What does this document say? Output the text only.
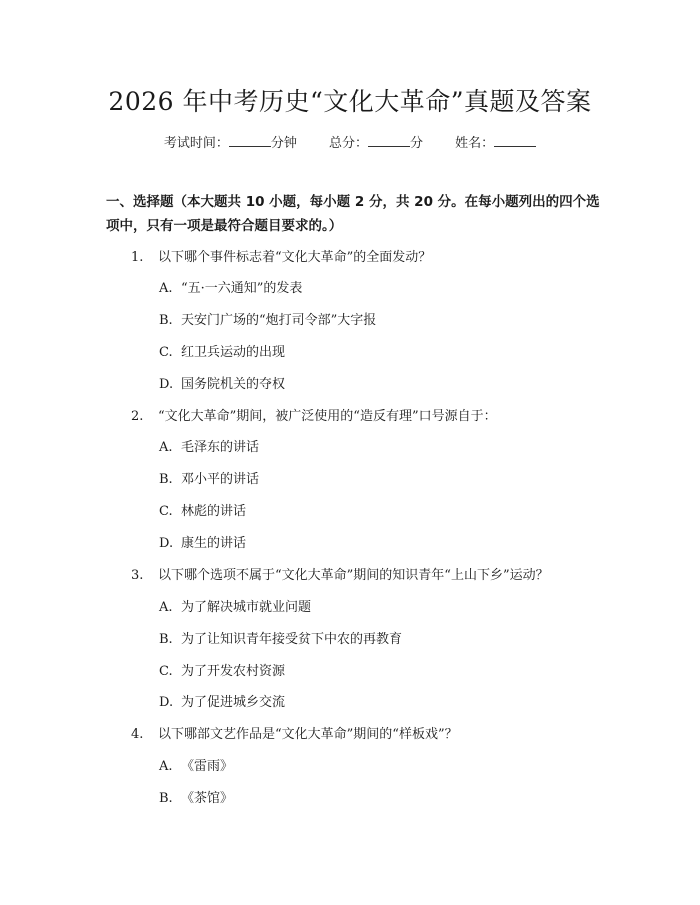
2026 年中考历史“文化大革命”真题及答案
考试时间：	分钟 总分：	分 姓名：
一、选择题（本大题共 10 小题，每小题 2 分，共 20 分。在每小题列出的四个选项中，只有一项是最符合题目要求的。）
1. 以下哪个事件标志着“文化大革命”的全面发动？
A. “五·一六通知”的发表
B. 天安门广场的“炮打司令部”大字报
C. 红卫兵运动的出现
D. 国务院机关的夺权
2. “文化大革命”期间，被广泛使用的“造反有理”口号源自于：
A. 毛泽东的讲话
B. 邓小平的讲话
C. 林彪的讲话
D. 康生的讲话
3. 以下哪个选项不属于“文化大革命”期间的知识青年“上山下乡”运动？
A. 为了解决城市就业问题
B. 为了让知识青年接受贫下中农的再教育
C. 为了开发农村资源
D. 为了促进城乡交流
4. 以下哪部文艺作品是“文化大革命”期间的“样板戏”？
A. 《雷雨》
B. 《茶馆》
